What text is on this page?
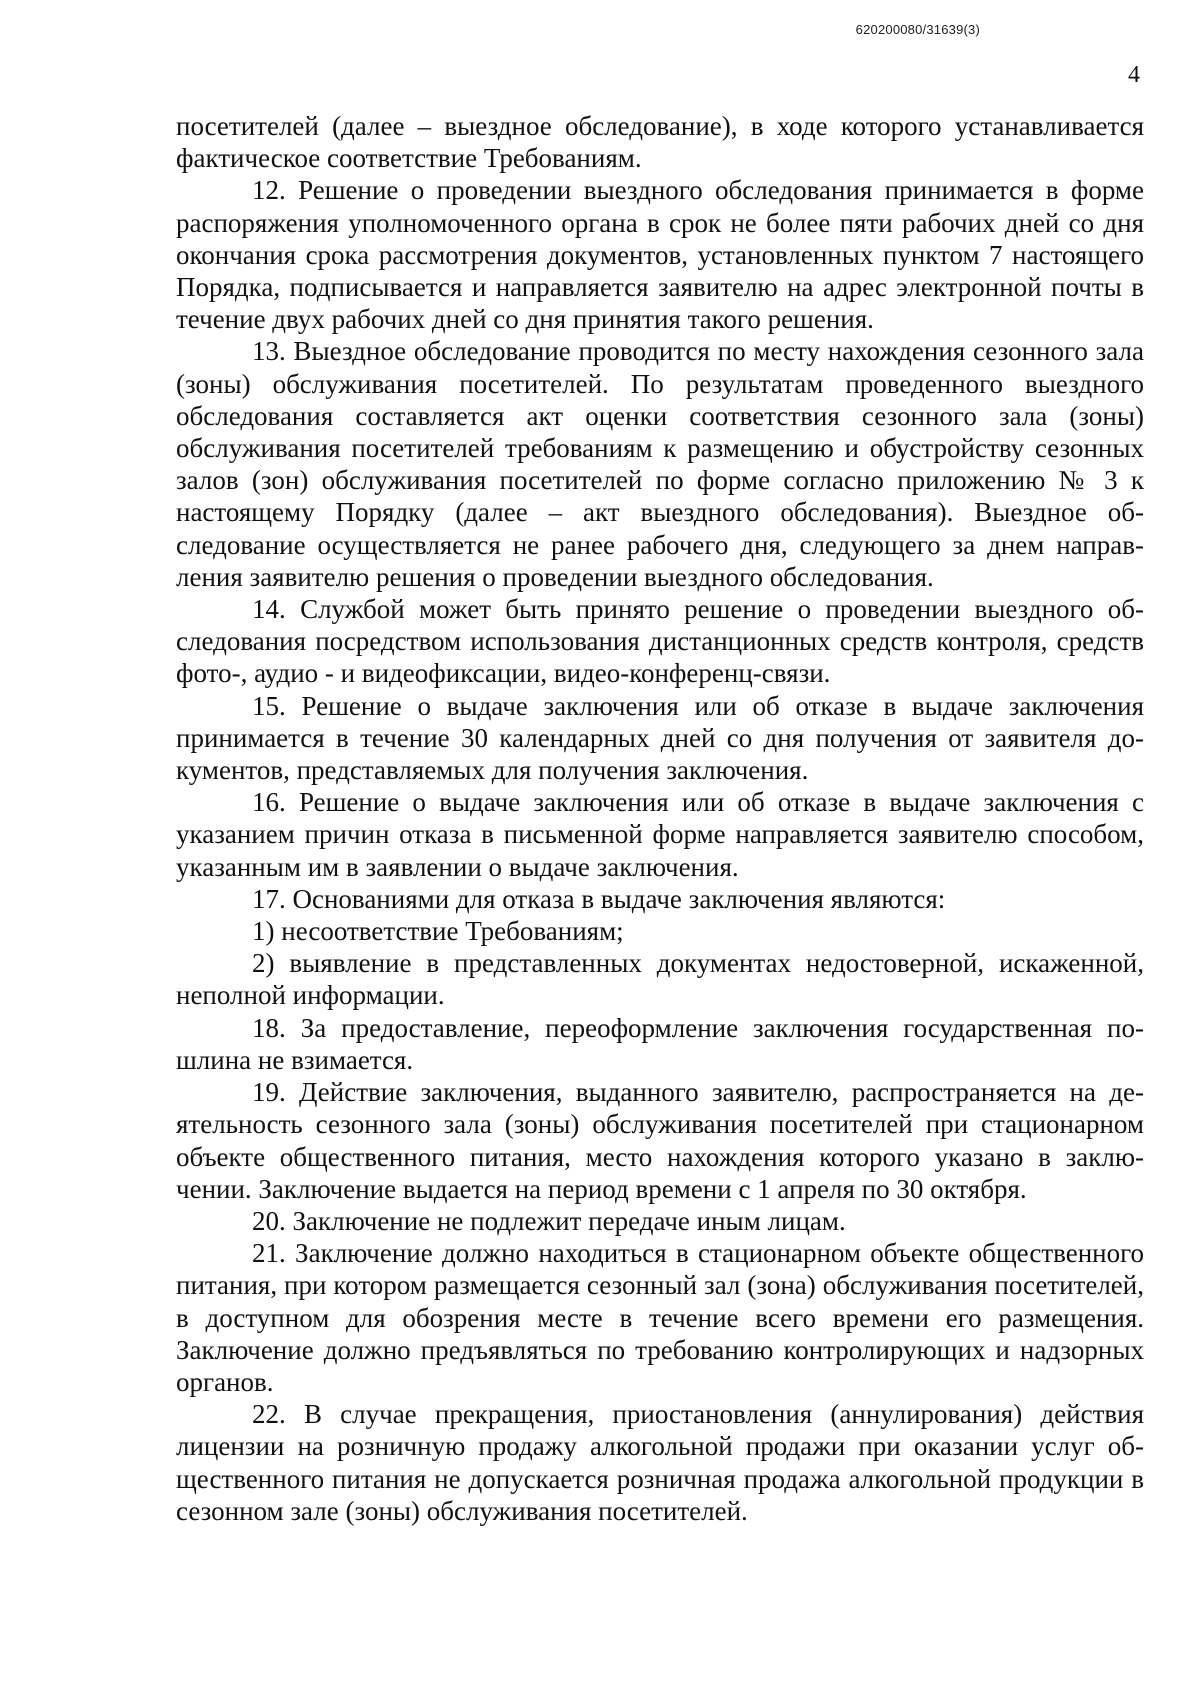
620200080/31639(3)
4

посетителей (далее – выездное обследование), в ходе которого устанавливается фактическое соответствие Требованиям.

12. Решение о проведении выездного обследования принимается в форме распоряжения уполномоченного органа в срок не более пяти рабочих дней со дня окончания срока рассмотрения документов, установленных пунктом 7 настоящего Порядка, подписывается и направляется заявителю на адрес электронной почты в течение двух рабочих дней со дня принятия такого решения.

13. Выездное обследование проводится по месту нахождения сезонного зала (зоны) обслуживания посетителей. По результатам проведенного выездного обследования составляется акт оценки соответствия сезонного зала (зоны) обслуживания посетителей требованиям к размещению и обустройству сезонных залов (зон) обслуживания посетителей по форме согласно приложению № 3 к настоящему Порядку (далее – акт выездного обследования). Выездное обследование осуществляется не ранее рабочего дня, следующего за днем направления заявителю решения о проведении выездного обследования.

14. Службой может быть принято решение о проведении выездного обследования посредством использования дистанционных средств контроля, средств фото-, аудио - и видеофиксации, видео-конференц-связи.

15. Решение о выдаче заключения или об отказе в выдаче заключения принимается в течение 30 календарных дней со дня получения от заявителя документов, представляемых для получения заключения.

16. Решение о выдаче заключения или об отказе в выдаче заключения с указанием причин отказа в письменной форме направляется заявителю способом, указанным им в заявлении о выдаче заключения.

17. Основаниями для отказа в выдаче заключения являются:

1) несоответствие Требованиям;

2) выявление в представленных документах недостоверной, искаженной, неполной информации.

18. За предоставление, переоформление заключения государственная пошлина не взимается.

19. Действие заключения, выданного заявителю, распространяется на деятельность сезонного зала (зоны) обслуживания посетителей при стационарном объекте общественного питания, место нахождения которого указано в заключении. Заключение выдается на период времени с 1 апреля по 30 октября.

20. Заключение не подлежит передаче иным лицам.

21. Заключение должно находиться в стационарном объекте общественного питания, при котором размещается сезонный зал (зона) обслуживания посетителей, в доступном для обозрения месте в течение всего времени его размещения. Заключение должно предъявляться по требованию контролирующих и надзорных органов.

22. В случае прекращения, приостановления (аннулирования) действия лицензии на розничную продажу алкогольной продажи при оказании услуг общественного питания не допускается розничная продажа алкогольной продукции в сезонном зале (зоны) обслуживания посетителей.
